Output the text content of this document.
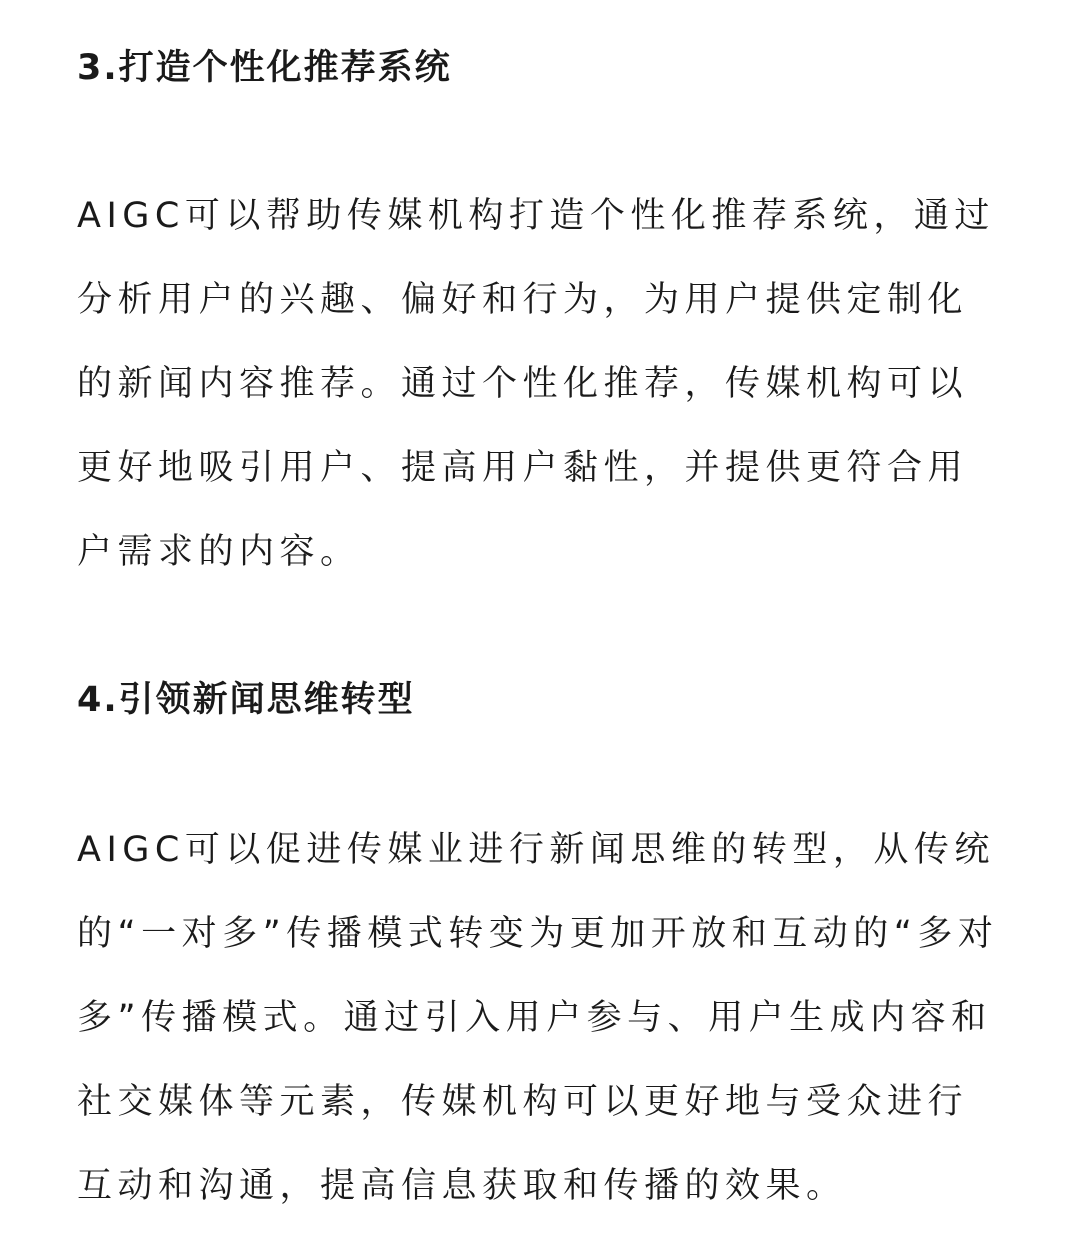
3.打造个性化推荐系统
AIGC可以帮助传媒机构打造个性化推荐系统，通过
分析用户的兴趣、偏好和行为，为用户提供定制化
的新闻内容推荐。通过个性化推荐，传媒机构可以
更好地吸引用户、提高用户黏性，并提供更符合用
户需求的内容。
4.引领新闻思维转型
AIGC可以促进传媒业进行新闻思维的转型，从传统
的“一对多”传播模式转变为更加开放和互动的“多对
多”传播模式。通过引入用户参与、用户生成内容和
社交媒体等元素，传媒机构可以更好地与受众进行
互动和沟通，提高信息获取和传播的效果。
